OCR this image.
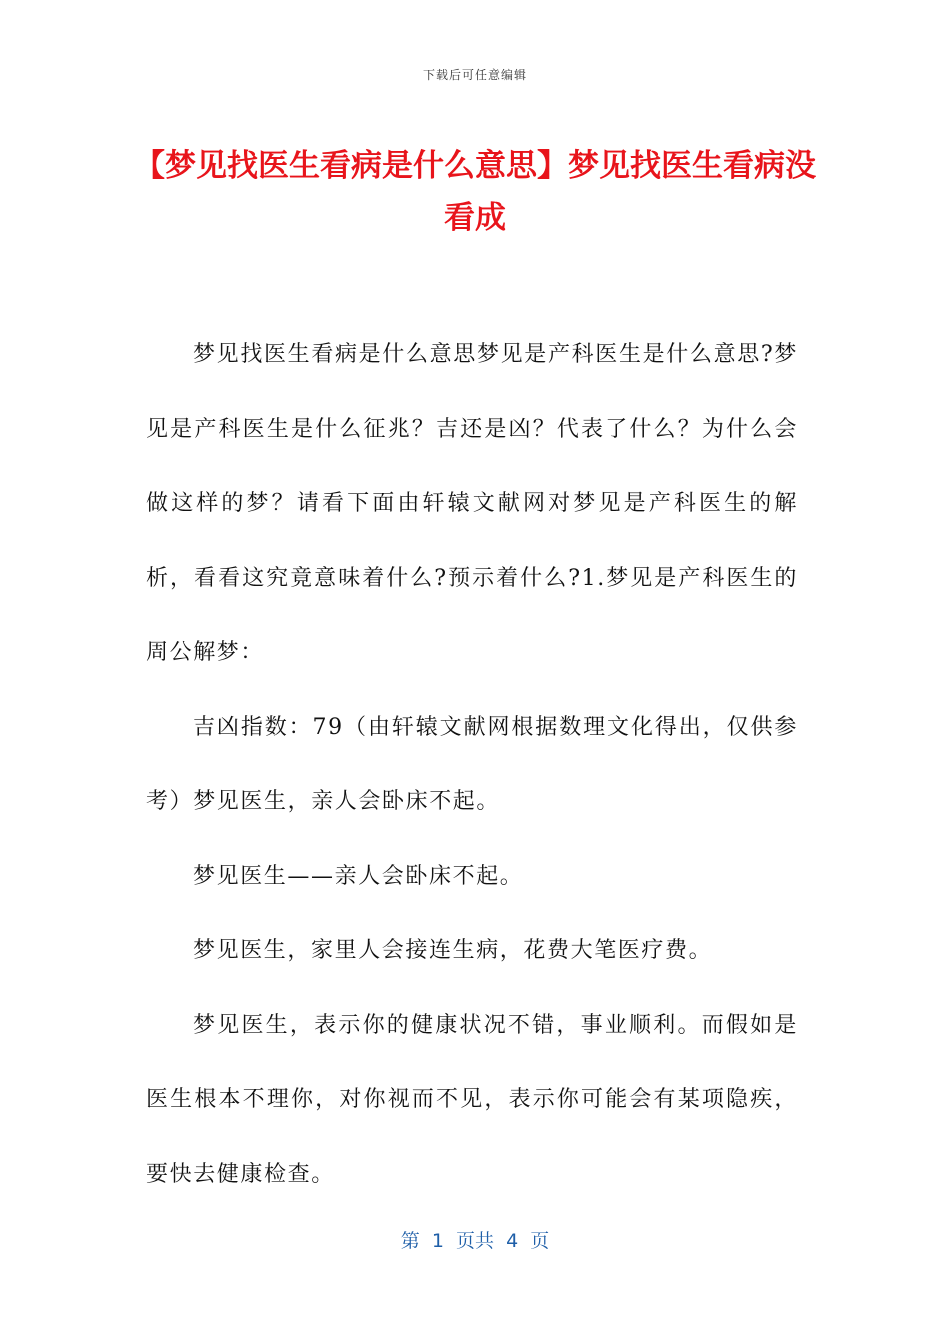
下载后可任意编辑
【梦见找医生看病是什么意思】梦见找医生看病没看成

梦见找医生看病是什么意思梦见是产科医生是什么意思?梦见是产科医生是什么征兆？吉还是凶？代表了什么？为什么会做这样的梦？请看下面由轩辕文献网对梦见是产科医生的解析，看看这究竟意味着什么?预示着什么?1.梦见是产科医生的周公解梦：

吉凶指数：79（由轩辕文献网根据数理文化得出，仅供参考）梦见医生，亲人会卧床不起。

梦见医生——亲人会卧床不起。

梦见医生，家里人会接连生病，花费大笔医疗费。

梦见医生，表示你的健康状况不错，事业顺利。而假如是医生根本不理你，对你视而不见，表示你可能会有某项隐疾，要快去健康检查。

第  1  页共  4  页
